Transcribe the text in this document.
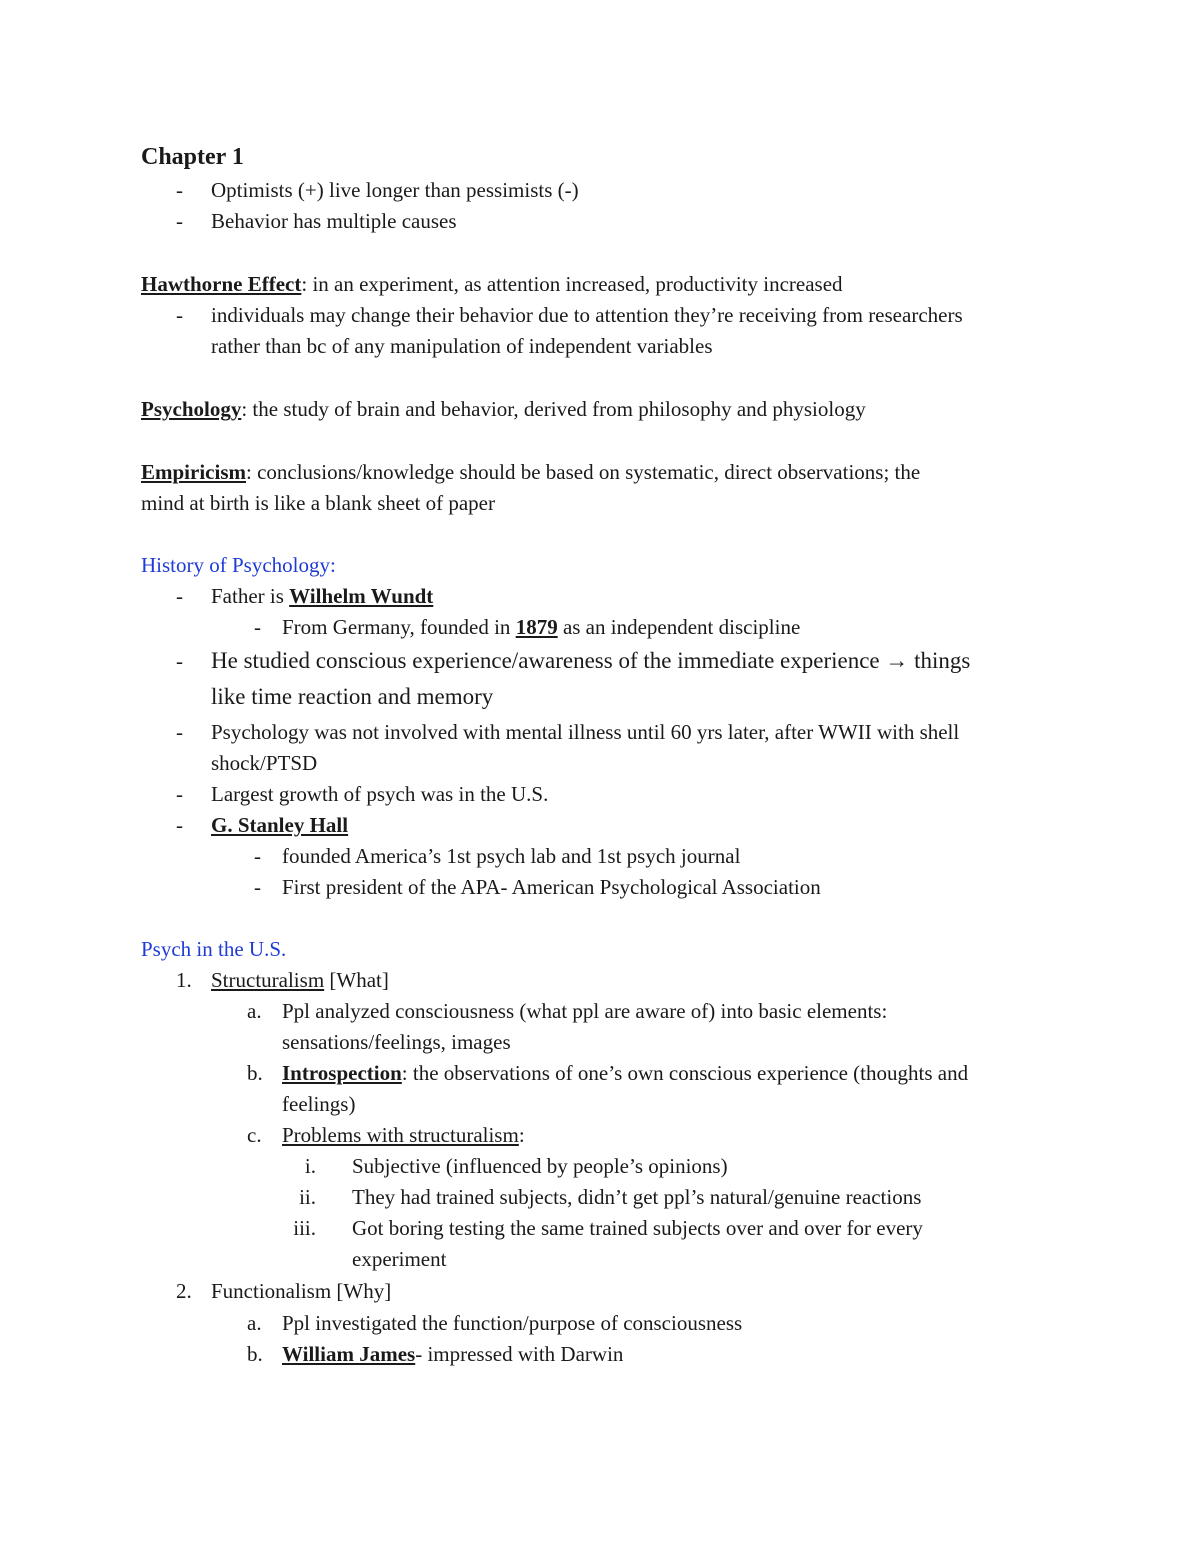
Chapter 1
- Optimists (+) live longer than pessimists (-)
- Behavior has multiple causes
Hawthorne Effect: in an experiment, as attention increased, productivity increased
- individuals may change their behavior due to attention they’re receiving from researchers
rather than bc of any manipulation of independent variables
Psychology: the study of brain and behavior, derived from philosophy and physiology
Empiricism: conclusions/knowledge should be based on systematic, direct observations; the
mind at birth is like a blank sheet of paper
History of Psychology:
- Father is Wilhelm Wundt
- From Germany, founded in 1879 as an independent discipline
- He studied conscious experience/awareness of the immediate experience → things
like time reaction and memory
- Psychology was not involved with mental illness until 60 yrs later, after WWII with shell
shock/PTSD
- Largest growth of psych was in the U.S.
- G. Stanley Hall
- founded America’s 1st psych lab and 1st psych journal
- First president of the APA- American Psychological Association
Psych in the U.S.
1. Structuralism [What]
a. Ppl analyzed consciousness (what ppl are aware of) into basic elements:
sensations/feelings, images
b. Introspection: the observations of one’s own conscious experience (thoughts and
feelings)
c. Problems with structuralism:
i. Subjective (influenced by people’s opinions)
ii. They had trained subjects, didn’t get ppl’s natural/genuine reactions
iii. Got boring testing the same trained subjects over and over for every
experiment
2. Functionalism [Why]
a. Ppl investigated the function/purpose of consciousness
b. William James- impressed with Darwin
